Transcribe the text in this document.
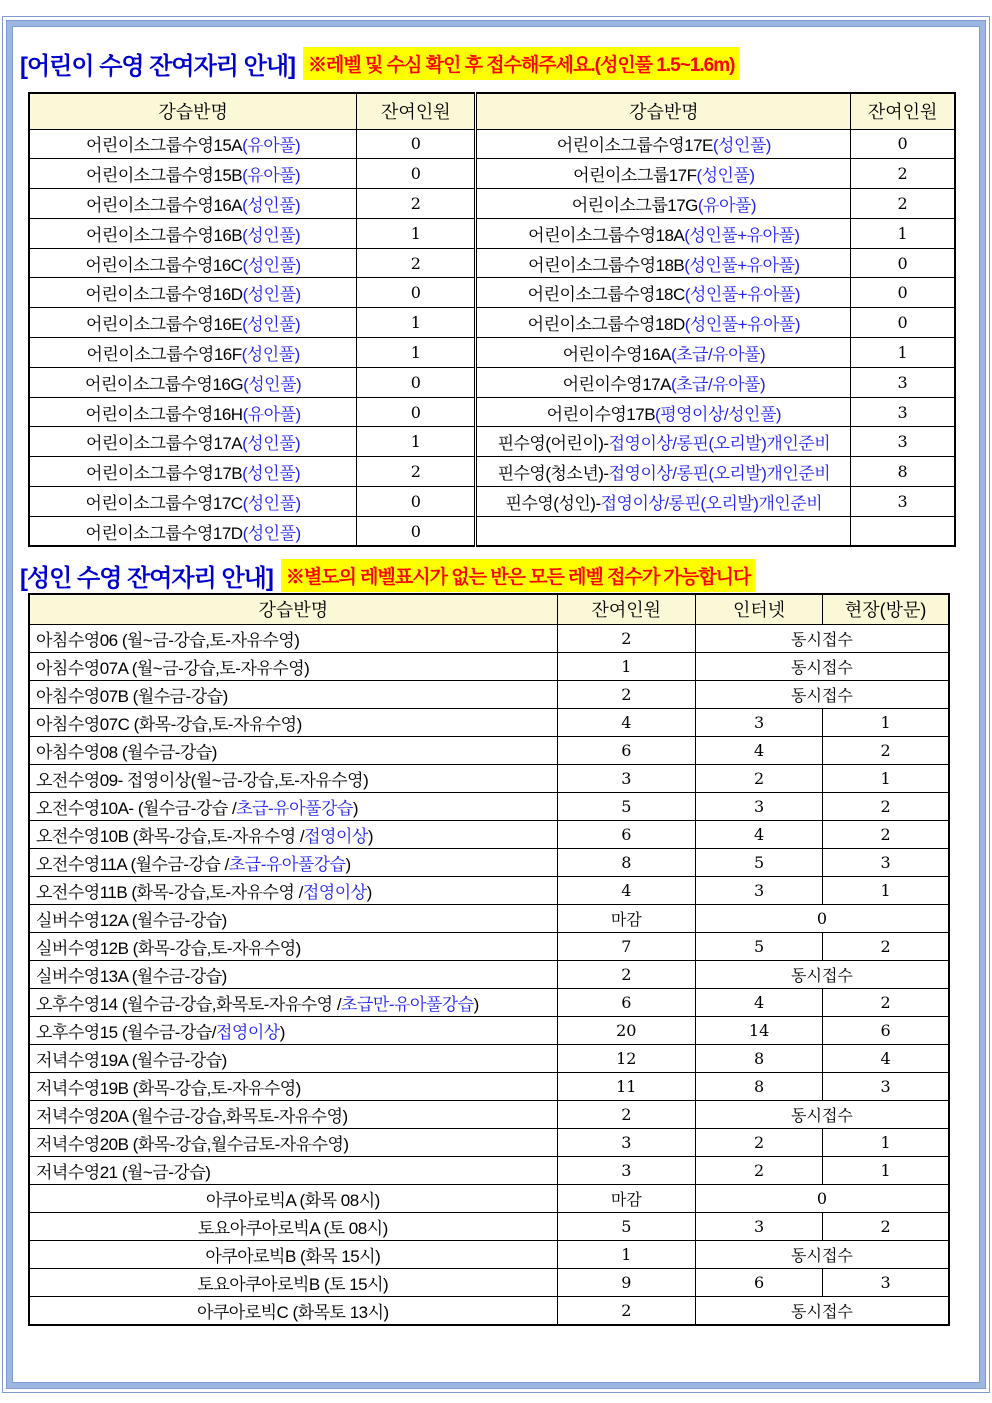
[어린이 수영 잔여자리 안내] ※레벨 및 수심 확인 후 접수해주세요.(성인풀 1.5~1.6m)
강습반명	잔여인원	강습반명	잔여인원
어린이소그룹수영15A(유아풀)	0	어린이소그룹수영17E(성인풀)	0
어린이소그룹수영15B(유아풀)	0	어린이소그룹17F(성인풀)	2
어린이소그룹수영16A(성인풀)	2	어린이소그룹17G(유아풀)	2
어린이소그룹수영16B(성인풀)	1	어린이소그룹수영18A(성인풀+유아풀)	1
어린이소그룹수영16C(성인풀)	2	어린이소그룹수영18B(성인풀+유아풀)	0
어린이소그룹수영16D(성인풀)	0	어린이소그룹수영18C(성인풀+유아풀)	0
어린이소그룹수영16E(성인풀)	1	어린이소그룹수영18D(성인풀+유아풀)	0
어린이소그룹수영16F(성인풀)	1	어린이수영16A(초급/유아풀)	1
어린이소그룹수영16G(성인풀)	0	어린이수영17A(초급/유아풀)	3
어린이소그룹수영16H(유아풀)	0	어린이수영17B(평영이상/성인풀)	3
어린이소그룹수영17A(성인풀)	1	핀수영(어린이)-접영이상/롱핀(오리발)개인준비	3
어린이소그룹수영17B(성인풀)	2	핀수영(청소년)-접영이상/롱핀(오리발)개인준비	8
어린이소그룹수영17C(성인풀)	0	핀수영(성인)-접영이상/롱핀(오리발)개인준비	3
어린이소그룹수영17D(성인풀)	0		
[성인 수영 잔여자리 안내] ※별도의 레벨표시가 없는 반은 모든 레벨 접수가 가능합니다
강습반명	잔여인원	인터넷	현장(방문)
아침수영06 (월~금-강습,토-자유수영)	2	동시접수	
아침수영07A (월~금-강습,토-자유수영)	1	동시접수	
아침수영07B (월수금-강습)	2	동시접수	
아침수영07C (화목-강습,토-자유수영)	4	3	1
아침수영08 (월수금-강습)	6	4	2
오전수영09- 접영이상(월~금-강습,토-자유수영)	3	2	1
오전수영10A- (월수금-강습 /초급-유아풀강습)	5	3	2
오전수영10B (화목-강습,토-자유수영 /접영이상)	6	4	2
오전수영11A (월수금-강습 /초급-유아풀강습)	8	5	3
오전수영11B (화목-강습,토-자유수영 /접영이상)	4	3	1
실버수영12A (월수금-강습)	마감	0	
실버수영12B (화목-강습,토-자유수영)	7	5	2
실버수영13A (월수금-강습)	2	동시접수	
오후수영14 (월수금-강습,화목토-자유수영 /초급만-유아풀강습)	6	4	2
오후수영15 (월수금-강습/접영이상)	20	14	6
저녁수영19A (월수금-강습)	12	8	4
저녁수영19B (화목-강습,토-자유수영)	11	8	3
저녁수영20A (월수금-강습,화목토-자유수영)	2	동시접수	
저녁수영20B (화목-강습,월수금토-자유수영)	3	2	1
저녁수영21 (월~금-강습)	3	2	1
아쿠아로빅A (화목 08시)	마감	0	
토요아쿠아로빅A (토 08시)	5	3	2
아쿠아로빅B (화목 15시)	1	동시접수	
토요아쿠아로빅B (토 15시)	9	6	3
아쿠아로빅C (화목토 13시)	2	동시접수	
